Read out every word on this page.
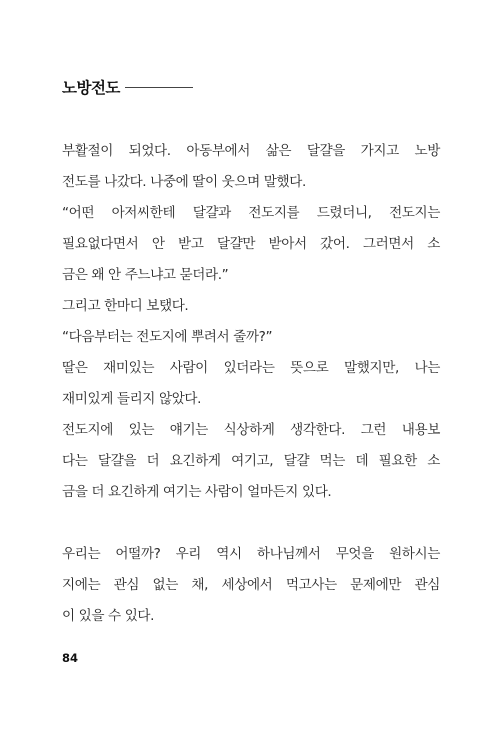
노방전도
부활절이 되었다. 아동부에서 삶은 달걀을 가지고 노방
전도를 나갔다. 나중에 딸이 웃으며 말했다.
“어떤 아저씨한테 달걀과 전도지를 드렸더니, 전도지는
필요없다면서 안 받고 달걀만 받아서 갔어. 그러면서 소
금은 왜 안 주느냐고 묻더라.”
그리고 한마디 보탰다.
“다음부터는 전도지에 뿌려서 줄까?”
딸은 재미있는 사람이 있더라는 뜻으로 말했지만, 나는
재미있게 들리지 않았다.
전도지에 있는 얘기는 식상하게 생각한다. 그런 내용보
다는 달걀을 더 요긴하게 여기고, 달걀 먹는 데 필요한 소
금을 더 요긴하게 여기는 사람이 얼마든지 있다.
우리는 어떨까? 우리 역시 하나님께서 무엇을 원하시는
지에는 관심 없는 채, 세상에서 먹고사는 문제에만 관심
이 있을 수 있다.
84
